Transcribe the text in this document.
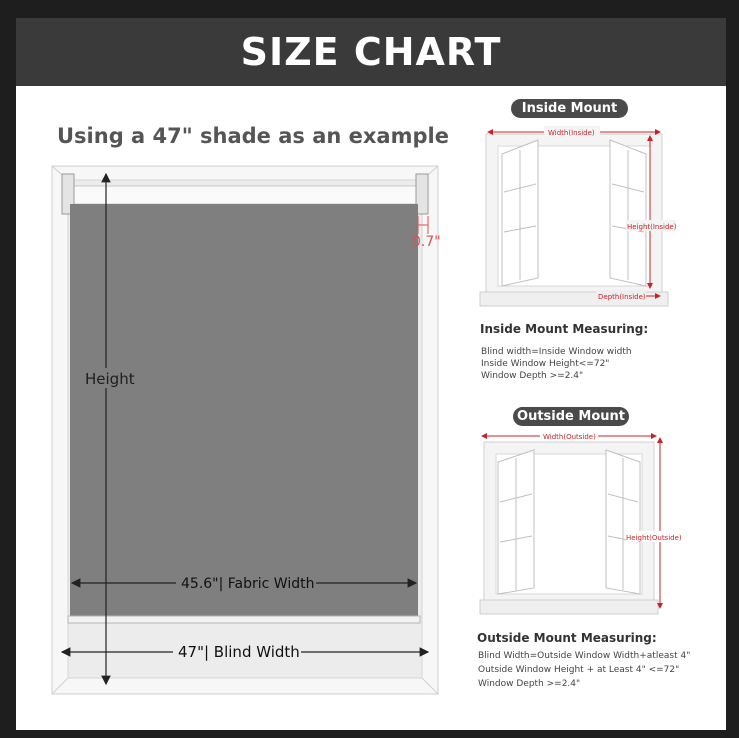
SIZE CHART
Using a 47" shade as an example
0.7"
Height
45.6"| Fabric Width
47"| Blind Width
Inside Mount
Width(Inside)
Height(Inside)
Depth(Inside)
Inside Mount Measuring:
Blind width=Inside Window width
Inside Window Height<=72"
Window Depth >=2.4"
Outside Mount
Width(Outside)
Height(Outside)
Outside Mount Measuring:
Blind Width=Outside Window Width+atleast 4"
Outside Window Height + at Least 4" <=72"
Window Depth >=2.4"
